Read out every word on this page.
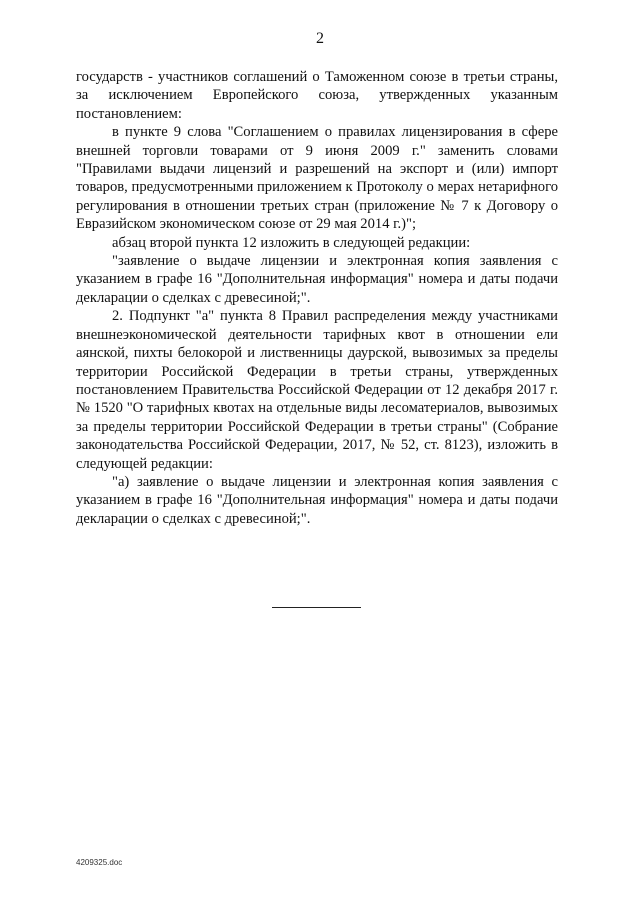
2

государств - участников соглашений о Таможенном союзе в третьи страны, за исключением Европейского союза, утвержденных указанным постановлением:

в пункте 9 слова "Соглашением о правилах лицензирования в сфере внешней торговли товарами от 9 июня 2009 г." заменить словами "Правилами выдачи лицензий и разрешений на экспорт и (или) импорт товаров, предусмотренными приложением к Протоколу о мерах нетарифного регулирования в отношении третьих стран (приложение № 7 к Договору о Евразийском экономическом союзе от 29 мая 2014 г.)";

абзац второй пункта 12 изложить в следующей редакции:

"заявление о выдаче лицензии и электронная копия заявления с указанием в графе 16 "Дополнительная информация" номера и даты подачи декларации о сделках с древесиной;".

2. Подпункт "а" пункта 8 Правил распределения между участниками внешнеэкономической деятельности тарифных квот в отношении ели аянской, пихты белокорой и лиственницы даурской, вывозимых за пределы территории Российской Федерации в третьи страны, утвержденных постановлением Правительства Российской Федерации от 12 декабря 2017 г. № 1520 "О тарифных квотах на отдельные виды лесоматериалов, вывозимых за пределы территории Российской Федерации в третьи страны" (Собрание законодательства Российской Федерации, 2017, № 52, ст. 8123), изложить в следующей редакции:

"а) заявление о выдаче лицензии и электронная копия заявления с указанием в графе 16 "Дополнительная информация" номера и даты подачи декларации о сделках с древесиной;".

4209325.doc
